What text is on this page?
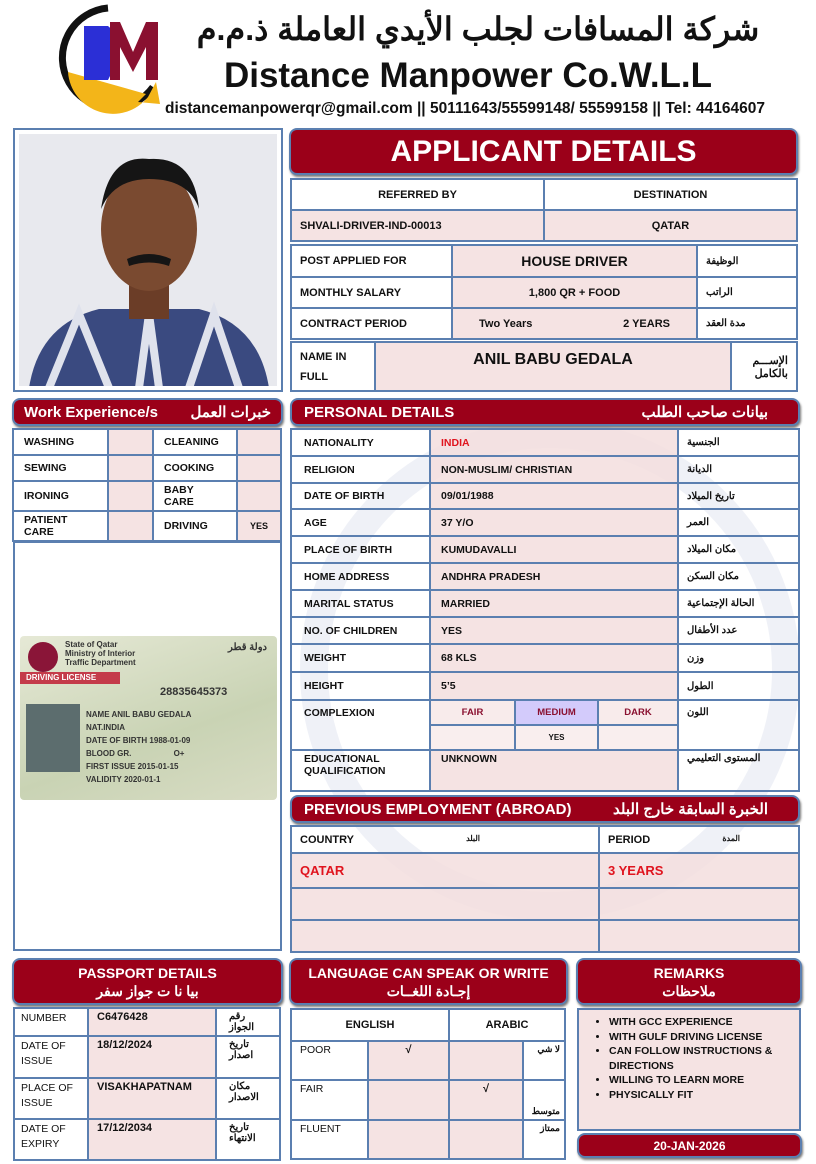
شركة المسافات لجلب الأيدي العاملة ذ.م.م
Distance Manpower Co.W.L.L
distancemanpowerqr@gmail.com || 50111643/55599148/ 55599158 || Tel: 44164607
APPLICANT DETAILS
REFERRED BY	DESTINATION
SHVALI-DRIVER-IND-00013	QATAR
POST APPLIED FOR	HOUSE DRIVER	الوظيفة
MONTHLY SALARY	1,800 QR + FOOD	الراتب
CONTRACT PERIOD	Two Years 2 YEARS	مدة العقد
NAME IN FULL	ANIL BABU GEDALA	الإســـم بالكامل
Work Experience/s خبرات العمل
WASHING		CLEANING	
SEWING		COOKING	
IRONING		BABY CARE	
PATIENT CARE		DRIVING	YES
State of Qatar
Ministry of Interior
Traffic Department
دولة قطر
DRIVING LICENSE
28835645373
NAME ANIL BABU GEDALA
NAT.INDIA
DATE OF BIRTH 1988-01-09
BLOOD GR.	O+
FIRST ISSUE 2015-01-15
VALIDITY 2020-01-1
PERSONAL DETAILS	بيانات صاحب الطلب
NATIONALITY	INDIA			الجنسية
RELIGION	NON-MUSLIM/ CHRISTIAN			الديانة
DATE OF BIRTH	09/01/1988			تاريخ الميلاد
AGE	37 Y/O			العمر
PLACE OF BIRTH	KUMUDAVALLI			مكان الميلاد
HOME ADDRESS	ANDHRA PRADESH			مكان السكن
MARITAL STATUS	MARRIED			الحالة الإجتماعية
NO. OF CHILDREN	YES			عدد الأطفال
WEIGHT	68 KLS			وزن
HEIGHT	5’5			الطول
COMPLEXION	FAIR	MEDIUM	DARK	اللون
		YES		
EDUCATIONAL QUALIFICATION	UNKNOWN			المستوى التعليمي
PREVIOUS EMPLOYMENT (ABROAD)	الخبرة السابقة خارج البلد
COUNTRY البلد	PERIOD المدة

QATAR	3 YEARS

PASSPORT DETAILS
بيا نا ت جواز سفر
NUMBER	C6476428	رقم الجواز
DATE OF ISSUE	18/12/2024	تاريخ اصدار
PLACE OF ISSUE	VISAKHAPATNAM	مكان الاصدار
DATE OF EXPIRY	17/12/2034	تاريخ الانتهاء
LANGUAGE CAN SPEAK OR WRITE
إجـادة اللغــات
ENGLISH		ARABIC	
POOR	√		لا شي
FAIR		√	متوسط
FLUENT			ممتاز
REMARKS
ملاحظات
• WITH GCC EXPERIENCE
• WITH GULF DRIVING LICENSE
• CAN FOLLOW INSTRUCTIONS & DIRECTIONS
• WILLING TO LEARN MORE
• PHYSICALLY FIT
20-JAN-2026
